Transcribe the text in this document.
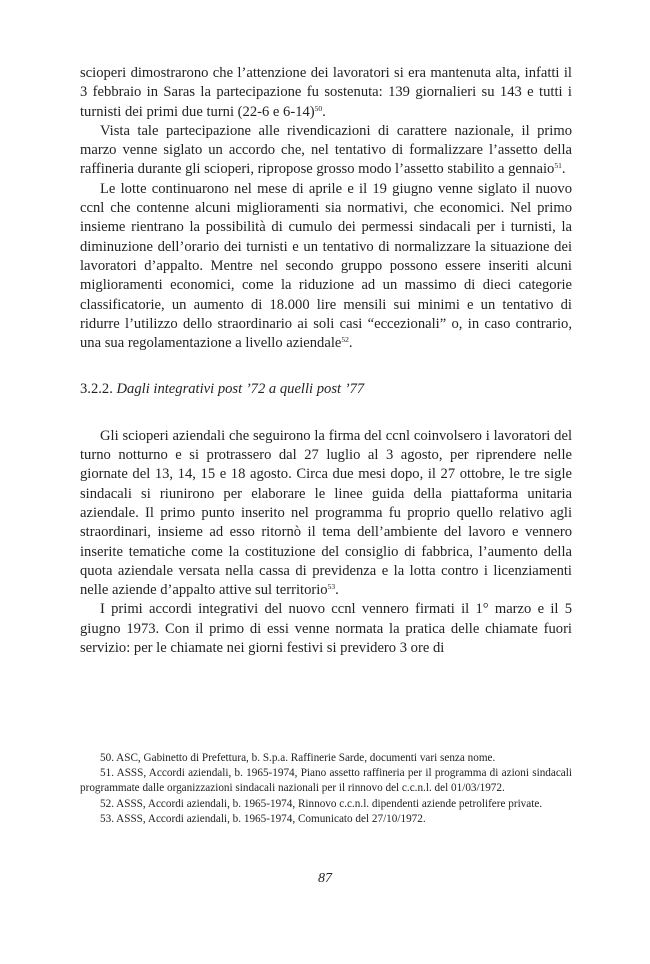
scioperi dimostrarono che l’attenzione dei lavoratori si era mantenuta alta, infatti il 3 febbraio in Saras la partecipazione fu sostenuta: 139 giornalieri su 143 e tutti i turnisti dei primi due turni (22-6 e 6-14)$^{50}$.

Vista tale partecipazione alle rivendicazioni di carattere nazionale, il primo marzo venne siglato un accordo che, nel tentativo di formalizzare l’assetto della raffineria durante gli scioperi, ripropose grosso modo l’assetto stabilito a gennaio$^{51}$.

Le lotte continuarono nel mese di aprile e il 19 giugno venne siglato il nuovo ccnl che contenne alcuni miglioramenti sia normativi, che economici. Nel primo insieme rientrano la possibilità di cumulo dei permessi sindacali per i turnisti, la diminuzione dell’orario dei turnisti e un tentativo di normalizzare la situazione dei lavoratori d’appalto. Mentre nel secondo gruppo possono essere inseriti alcuni miglioramenti economici, come la riduzione ad un massimo di dieci categorie classificatorie, un aumento di 18.000 lire mensili sui minimi e un tentativo di ridurre l’utilizzo dello straordinario ai soli casi “eccezionali” o, in caso contrario, una sua regolamentazione a livello aziendale$^{52}$.

3.2.2. Dagli integrativi post ’72 a quelli post ’77

Gli scioperi aziendali che seguirono la firma del ccnl coinvolsero i lavoratori del turno notturno e si protrassero dal 27 luglio al 3 agosto, per riprendere nelle giornate del 13, 14, 15 e 18 agosto. Circa due mesi dopo, il 27 ottobre, le tre sigle sindacali si riunirono per elaborare le linee guida della piattaforma unitaria aziendale. Il primo punto inserito nel programma fu proprio quello relativo agli straordinari, insieme ad esso ritornò il tema dell’ambiente del lavoro e vennero inserite tematiche come la costituzione del consiglio di fabbrica, l’aumento della quota aziendale versata nella cassa di previdenza e la lotta contro i licenziamenti nelle aziende d’appalto attive sul territorio$^{53}$.

I primi accordi integrativi del nuovo ccnl vennero firmati il 1° marzo e il 5 giugno 1973. Con il primo di essi venne normata la pratica delle chiamate fuori servizio: per le chiamate nei giorni festivi si previdero 3 ore di

50. ASC, Gabinetto di Prefettura, b. S.p.a. Raffinerie Sarde, documenti vari senza nome.

51. ASSS, Accordi aziendali, b. 1965-1974, Piano assetto raffineria per il programma di azioni sindacali programmate dalle organizzazioni sindacali nazionali per il rinnovo del c.c.n.l. del 01/03/1972.

52. ASSS, Accordi aziendali, b. 1965-1974, Rinnovo c.c.n.l. dipendenti aziende petrolifere private.

53. ASSS, Accordi aziendali, b. 1965-1974, Comunicato del 27/10/1972.

87
